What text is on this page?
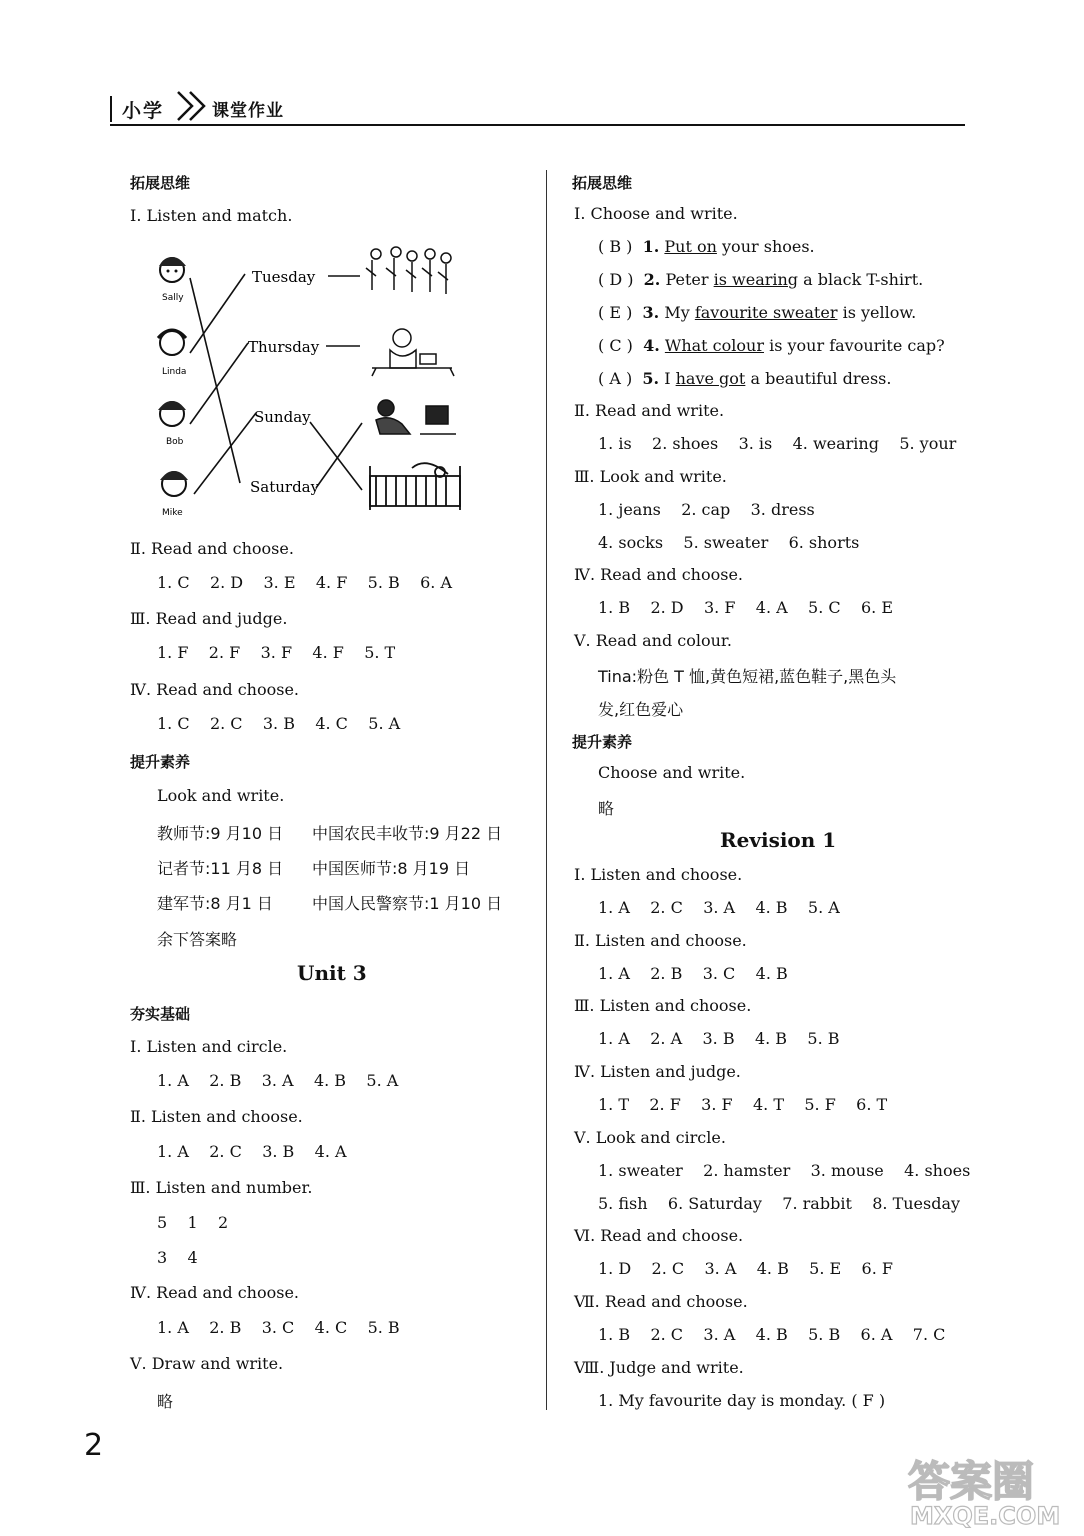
小学	课堂作业
拓展思维
Ⅰ. Listen and match.
Sally
Linda
Bob
Mike
Tuesday
Thursday
Sunday
Saturday
Ⅱ. Read and choose.
1. C 2. D 3. E 4. F 5. B 6. A
Ⅲ. Read and judge.
1. F 2. F 3. F 4. F 5. T
Ⅳ. Read and choose.
1. C 2. C 3. B 4. C 5. A
提升素养
Look and write.
教师节:9 月10 日 中国农民丰收节:9 月22 日
记者节:11 月8 日 中国医师节:8 月19 日
建军节:8 月1 日 中国人民警察节:1 月10 日
余下答案略
Unit 3
夯实基础
Ⅰ. Listen and circle.
1. A 2. B 3. A 4. B 5. A
Ⅱ. Listen and choose.
1. A 2. C 3. B 4. A
Ⅲ. Listen and number.
5    1    2
3    4
Ⅳ. Read and choose.
1. A 2. B 3. C 4. C 5. B
Ⅴ. Draw and write.
略
拓展思维
Ⅰ. Choose and write.
( B ) 1. Put on your shoes.
( D ) 2. Peter is wearing a black T-shirt.
( E ) 3. My favourite sweater is yellow.
( C ) 4. What colour is your favourite cap?
( A ) 5. I have got a beautiful dress.
Ⅱ. Read and write.
1. is 2. shoes 3. is 4. wearing 5. your
Ⅲ. Look and write.
1. jeans 2. cap 3. dress
4. socks 5. sweater 6. shorts
Ⅳ. Read and choose.
1. B 2. D 3. F 4. A 5. C 6. E
Ⅴ. Read and colour.
Tina:粉色 T 恤,黄色短裙,蓝色鞋子,黑色头
发,红色爱心
提升素养
Choose and write.
略
Revision 1
Ⅰ. Listen and choose.
1. A 2. C 3. A 4. B 5. A
Ⅱ. Listen and choose.
1. A 2. B 3. C 4. B
Ⅲ. Listen and choose.
1. A 2. A 3. B 4. B 5. B
Ⅳ. Listen and judge.
1. T 2. F 3. F 4. T 5. F 6. T
Ⅴ. Look and circle.
1. sweater 2. hamster 3. mouse 4. shoes
5. fish 6. Saturday 7. rabbit 8. Tuesday
Ⅵ. Read and choose.
1. D 2. C 3. A 4. B 5. E 6. F
Ⅶ. Read and choose.
1. B 2. C 3. A 4. B 5. B 6. A 7. C
Ⅷ. Judge and write.
1. My favourite day is monday. ( F )
2
答案圈
MXQE.COM
